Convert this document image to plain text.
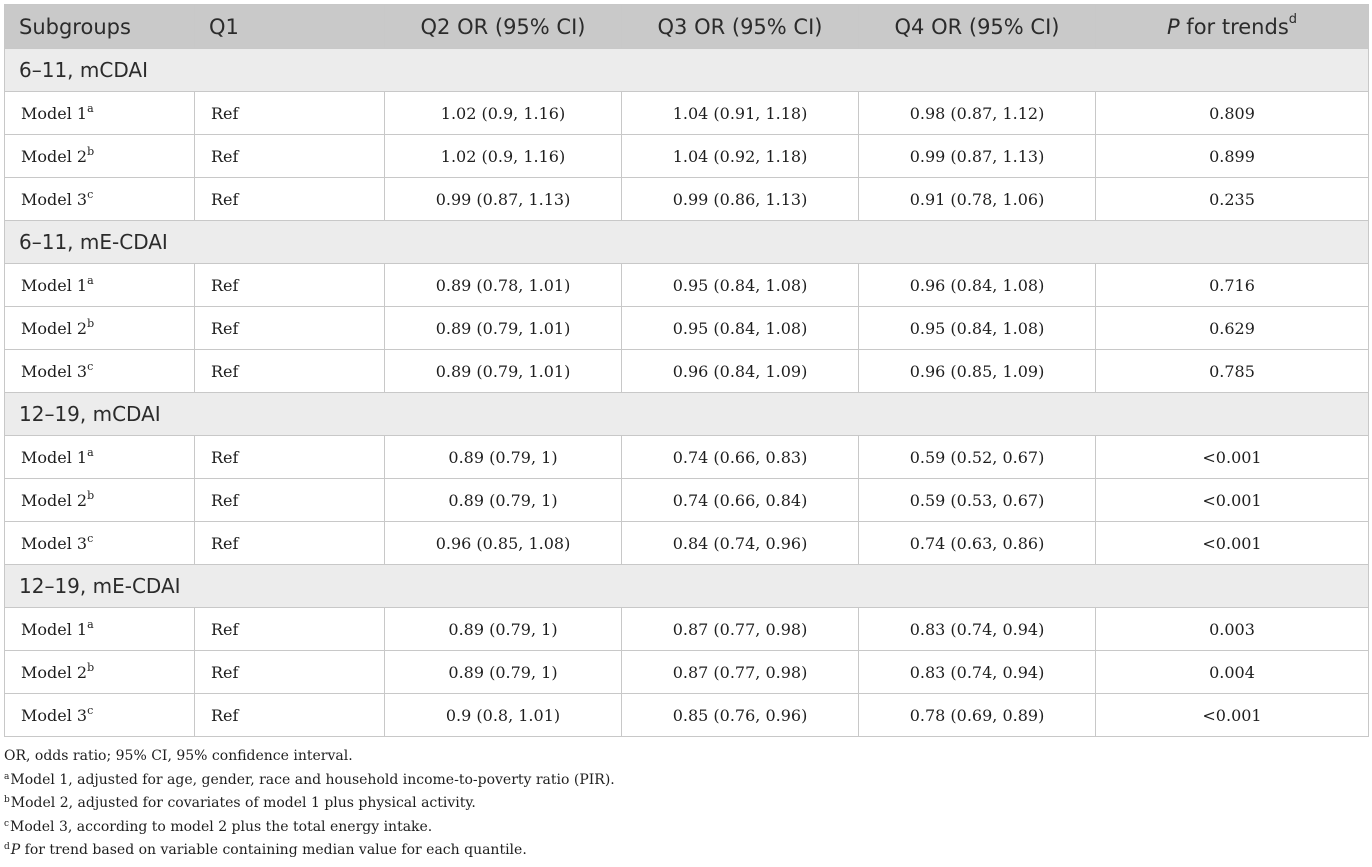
Subgroups	Q1	Q2 OR (95% CI)	Q3 OR (95% CI)	Q4 OR (95% CI)	P for trends$^d$
6–11, mCDAI					
Model 1$^a$	Ref	1.02 (0.9, 1.16)	1.04 (0.91, 1.18)	0.98 (0.87, 1.12)	0.809
Model 2$^b$	Ref	1.02 (0.9, 1.16)	1.04 (0.92, 1.18)	0.99 (0.87, 1.13)	0.899
Model 3$^c$	Ref	0.99 (0.87, 1.13)	0.99 (0.86, 1.13)	0.91 (0.78, 1.06)	0.235
6–11, mE-CDAI					
Model 1$^a$	Ref	0.89 (0.78, 1.01)	0.95 (0.84, 1.08)	0.96 (0.84, 1.08)	0.716
Model 2$^b$	Ref	0.89 (0.79, 1.01)	0.95 (0.84, 1.08)	0.95 (0.84, 1.08)	0.629
Model 3$^c$	Ref	0.89 (0.79, 1.01)	0.96 (0.84, 1.09)	0.96 (0.85, 1.09)	0.785
12–19, mCDAI					
Model 1$^a$	Ref	0.89 (0.79, 1)	0.74 (0.66, 0.83)	0.59 (0.52, 0.67)	<0.001
Model 2$^b$	Ref	0.89 (0.79, 1)	0.74 (0.66, 0.84)	0.59 (0.53, 0.67)	<0.001
Model 3$^c$	Ref	0.96 (0.85, 1.08)	0.84 (0.74, 0.96)	0.74 (0.63, 0.86)	<0.001
12–19, mE-CDAI					
Model 1$^a$	Ref	0.89 (0.79, 1)	0.87 (0.77, 0.98)	0.83 (0.74, 0.94)	0.003
Model 2$^b$	Ref	0.89 (0.79, 1)	0.87 (0.77, 0.98)	0.83 (0.74, 0.94)	0.004
Model 3$^c$	Ref	0.9 (0.8, 1.01)	0.85 (0.76, 0.96)	0.78 (0.69, 0.89)	<0.001
OR, odds ratio; 95% CI, 95% confidence interval.
$^a$Model 1, adjusted for age, gender, race and household income-to-poverty ratio (PIR).
$^b$Model 2, adjusted for covariates of model 1 plus physical activity.
$^c$Model 3, according to model 2 plus the total energy intake.
$^d$P for trend based on variable containing median value for each quantile.
